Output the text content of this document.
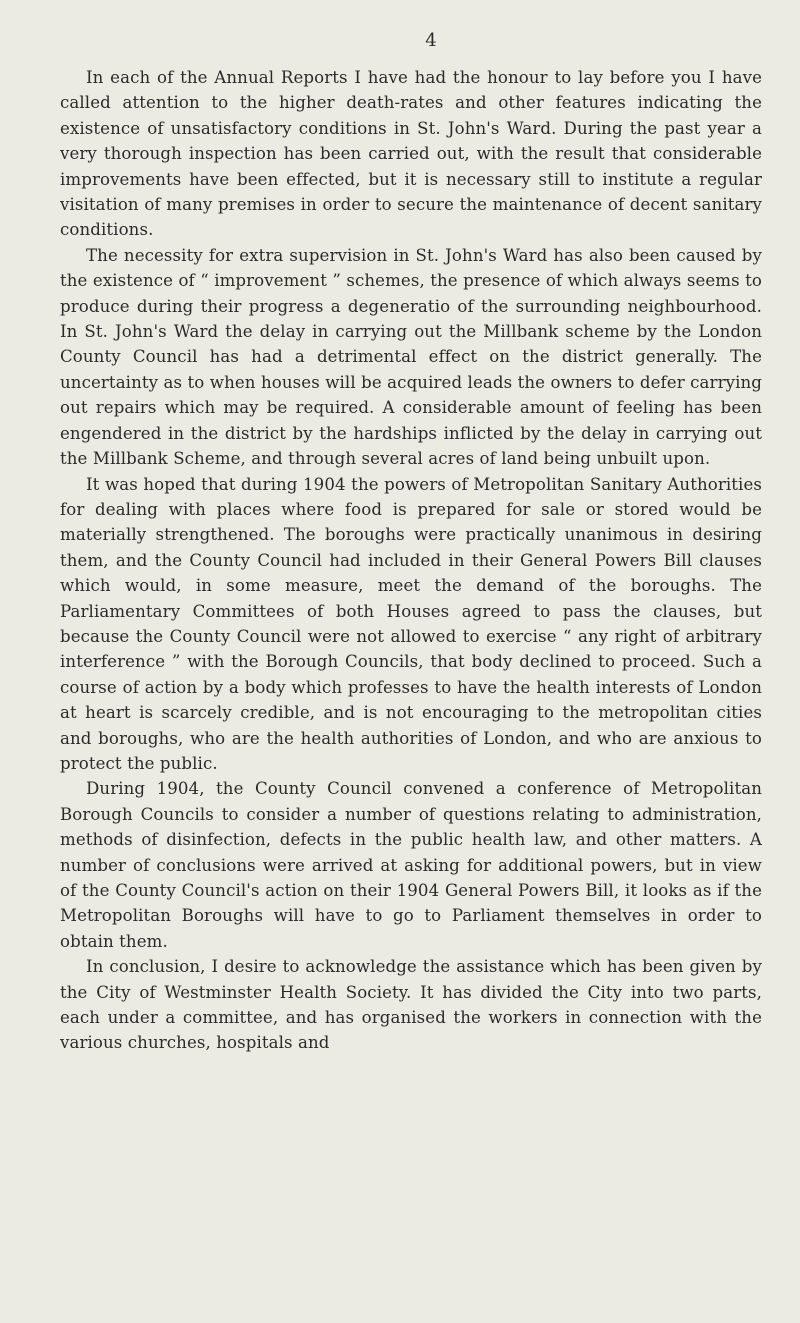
4

In each of the Annual Reports I have had the honour to lay before you I have called attention to the higher death-rates and other features indicating the existence of unsatisfactory conditions in St. John's Ward. During the past year a very thorough inspection has been carried out, with the result that considerable improvements have been effected, but it is necessary still to institute a regular visitation of many premises in order to secure the maintenance of decent sanitary conditions.

The necessity for extra supervision in St. John's Ward has also been caused by the existence of “ improvement ” schemes, the presence of which always seems to produce during their progress a degeneratio of the surrounding neighbourhood. In St. John's Ward the delay in carrying out the Millbank scheme by the London County Council has had a detrimental effect on the district generally. The uncertainty as to when houses will be acquired leads the owners to defer carrying out repairs which may be required. A considerable amount of feeling has been engendered in the district by the hardships inflicted by the delay in carrying out the Millbank Scheme, and through several acres of land being unbuilt upon.

It was hoped that during 1904 the powers of Metropolitan Sanitary Authorities for dealing with places where food is prepared for sale or stored would be materially strengthened. The boroughs were practically unanimous in desiring them, and the County Council had included in their General Powers Bill clauses which would, in some measure, meet the demand of the boroughs. The Parliamentary Committees of both Houses agreed to pass the clauses, but because the County Council were not allowed to exercise “ any right of arbitrary interference ” with the Borough Councils, that body declined to proceed. Such a course of action by a body which professes to have the health interests of London at heart is scarcely credible, and is not encouraging to the metropolitan cities and boroughs, who are the health authorities of London, and who are anxious to protect the public.

During 1904, the County Council convened a conference of Metropolitan Borough Councils to consider a number of questions relating to administration, methods of disinfection, defects in the public health law, and other matters. A number of conclusions were arrived at asking for additional powers, but in view of the County Council's action on their 1904 General Powers Bill, it looks as if the Metropolitan Boroughs will have to go to Parliament themselves in order to obtain them.

In conclusion, I desire to acknowledge the assistance which has been given by the City of Westminster Health Society. It has divided the City into two parts, each under a committee, and has organised the workers in connection with the various churches, hospitals and
